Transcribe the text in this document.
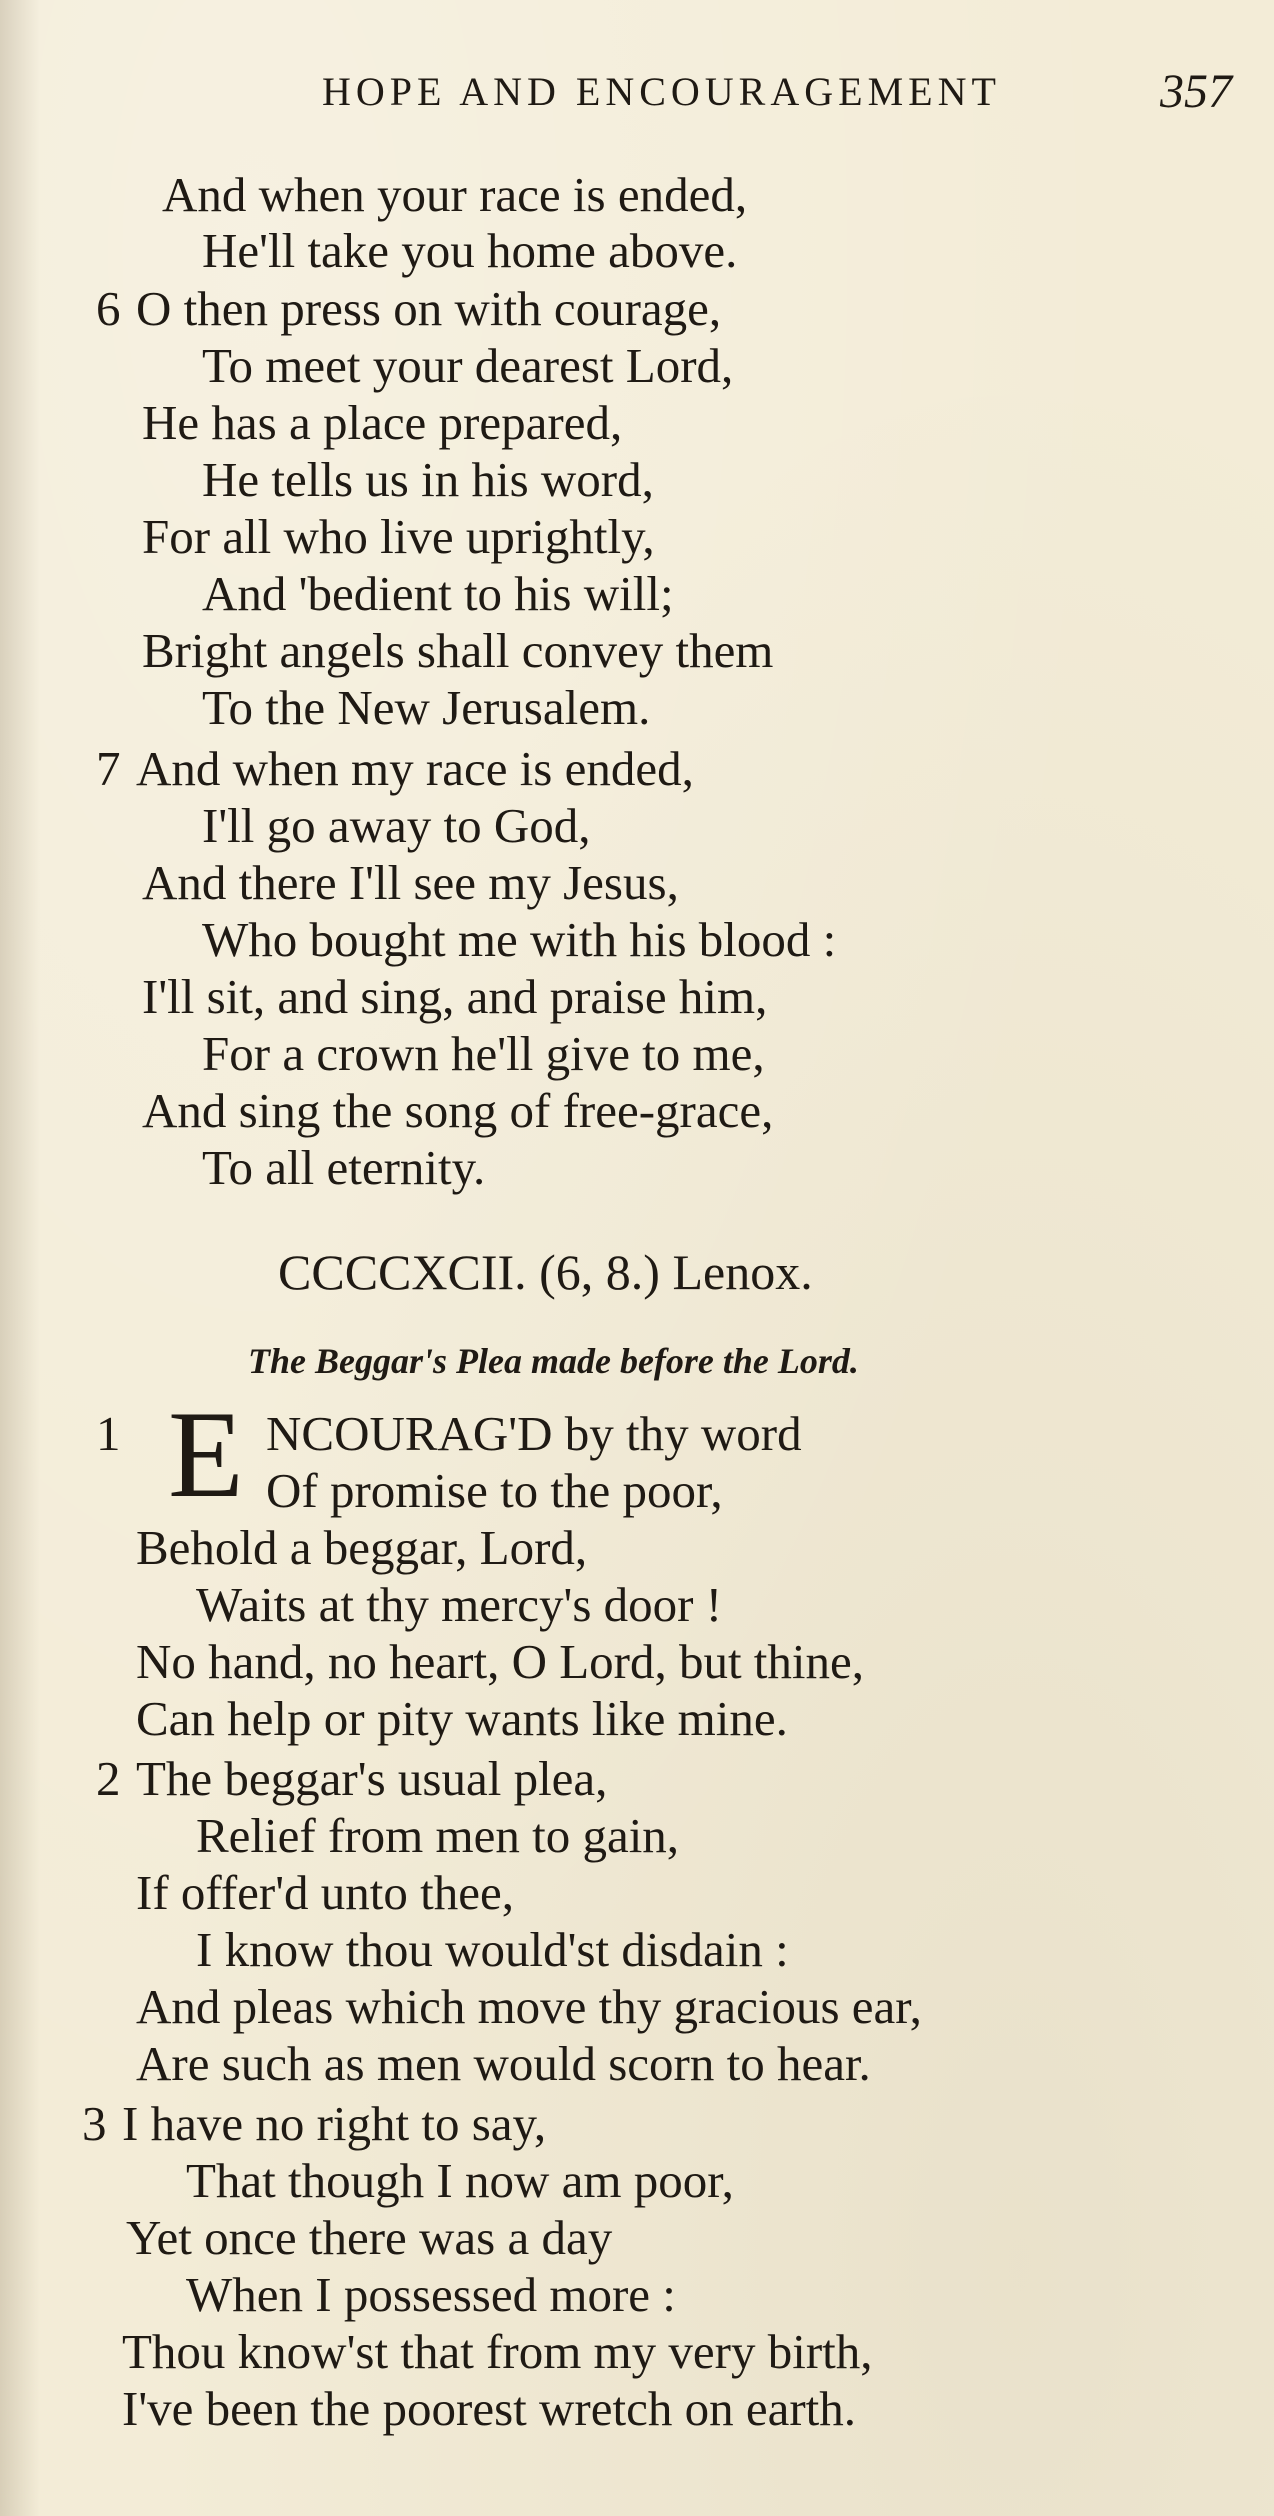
HOPE AND ENCOURAGEMENT	357
And when your race is ended,
He'll take you home above.
6 O then press on with courage,
To meet your dearest Lord,
He has a place prepared,
He tells us in his word,
For all who live uprightly,
And 'bedient to his will;
Bright angels shall convey them
To the New Jerusalem.
7 And when my race is ended,
I'll go away to God,
And there I'll see my Jesus,
Who bought me with his blood :
I'll sit, and sing, and praise him,
For a crown he'll give to me,
And sing the song of free-grace,
To all eternity.
CCCCXCII. (6, 8.) Lenox.
The Beggar's Plea made before the Lord.
1 E NCOURAG'D by thy word
Of promise to the poor,
Behold a beggar, Lord,
Waits at thy mercy's door !
No hand, no heart, O Lord, but thine,
Can help or pity wants like mine.
2 The beggar's usual plea,
Relief from men to gain,
If offer'd unto thee,
I know thou would'st disdain :
And pleas which move thy gracious ear,
Are such as men would scorn to hear.
3 I have no right to say,
That though I now am poor,
Yet once there was a day
When I possessed more :
Thou know'st that from my very birth,
I've been the poorest wretch on earth.
